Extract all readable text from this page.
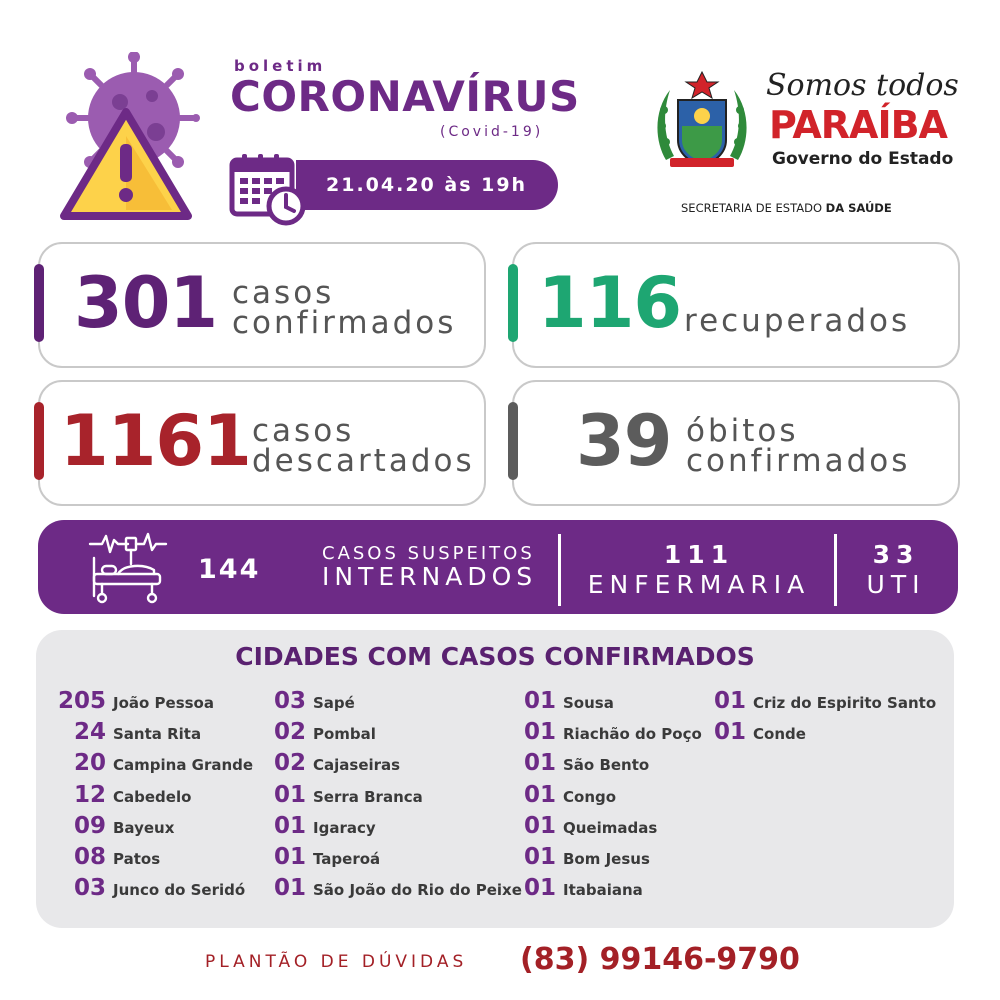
boletim
CORONAVÍRUS
(Covid-19)
21.04.20 às 19h
Somos todos
PARAÍBA
Governo do Estado
SECRETARIA DE ESTADO DA SAÚDE
301 casos
confirmados 116 recuperados
1161 casos
descartados 39 óbitos
confirmados
144
CASOS SUSPEITOS
INTERNADOS
111
ENFERMARIA
33
UTI
CIDADES COM CASOS CONFIRMADOS
205 João Pessoa
24 Santa Rita
20 Campina Grande
12 Cabedelo
09 Bayeux
08 Patos
03 Junco do Seridó
03 Sapé
02 Pombal
02 Cajaseiras
01 Serra Branca
01 Igaracy
01 Taperoá
01 São João do Rio do Peixe
01 Sousa
01 Riachão do Poço
01 São Bento
01 Congo
01 Queimadas
01 Bom Jesus
01 Itabaiana
01 Criz do Espirito Santo
01 Conde
PLANTÃO DE DÚVIDAS (83) 99146-9790
